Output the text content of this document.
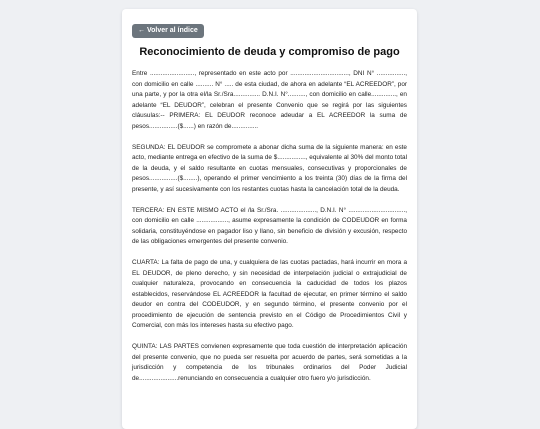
← Volver al índice
Reconocimiento de deuda y compromiso de pago

Entre ........................., representado en este acto por ................................., DNI N° ................, con domicilio en calle .......... N° ..... de esta ciudad, de ahora en adelante “EL ACREEDOR”, por una parte, y por la otra el/la Sr./Sra............... D.N.I. N°.........., con domicilio en calle.............., en adelante “EL DEUDOR”, celebran el presente Convenio que se regirá por las siguientes cláusulas:-- PRIMERA: EL DEUDOR reconoce adeudar a EL ACREEDOR la suma de pesos................($......) en razón de...............

SEGUNDA: EL DEUDOR se compromete a abonar dicha suma de la siguiente manera: en este acto, mediante entrega en efectivo de la suma de $................, equivalente al 30% del monto total de la deuda, y el saldo resultante en cuotas mensuales, consecutivas y proporcionales de pesos................($........), operando el primer vencimiento a los treinta (30) días de la firma del presente, y así sucesivamente con los restantes cuotas hasta la cancelación total de la deuda.

TERCERA: EN ESTE MISMO ACTO el /la Sr./Sra. ...................., D.N.I. N° ................................, con domicilio en calle .................., asume expresamente la condición de CODEUDOR en forma solidaria, constituyéndose en pagador liso y llano, sin beneficio de división y excusión, respecto de las obligaciones emergentes del presente convenio.

CUARTA: La falta de pago de una, y cualquiera de las cuotas pactadas, hará incurrir en mora a EL DEUDOR, de pleno derecho, y sin necesidad de interpelación judicial o extrajudicial de cualquier naturaleza, provocando en consecuencia la caducidad de todos los plazos establecidos, reservándose EL ACREEDOR la facultad de ejecutar, en primer término el saldo deudor en contra del CODEUDOR, y en segundo término, el presente convenio por el procedimiento de ejecución de sentencia previsto en el Código de Procedimientos Civil y Comercial, con más los intereses hasta su efectivo pago.

QUINTA: LAS PARTES convienen expresamente que toda cuestión de interpretación aplicación del presente convenio, que no pueda ser resuelta por acuerdo de partes, será sometidas a la jurisdicción y competencia de los tribunales ordinarios del Poder Judicial de......................renunciando en consecuencia a cualquier otro fuero y/o jurisdicción.
